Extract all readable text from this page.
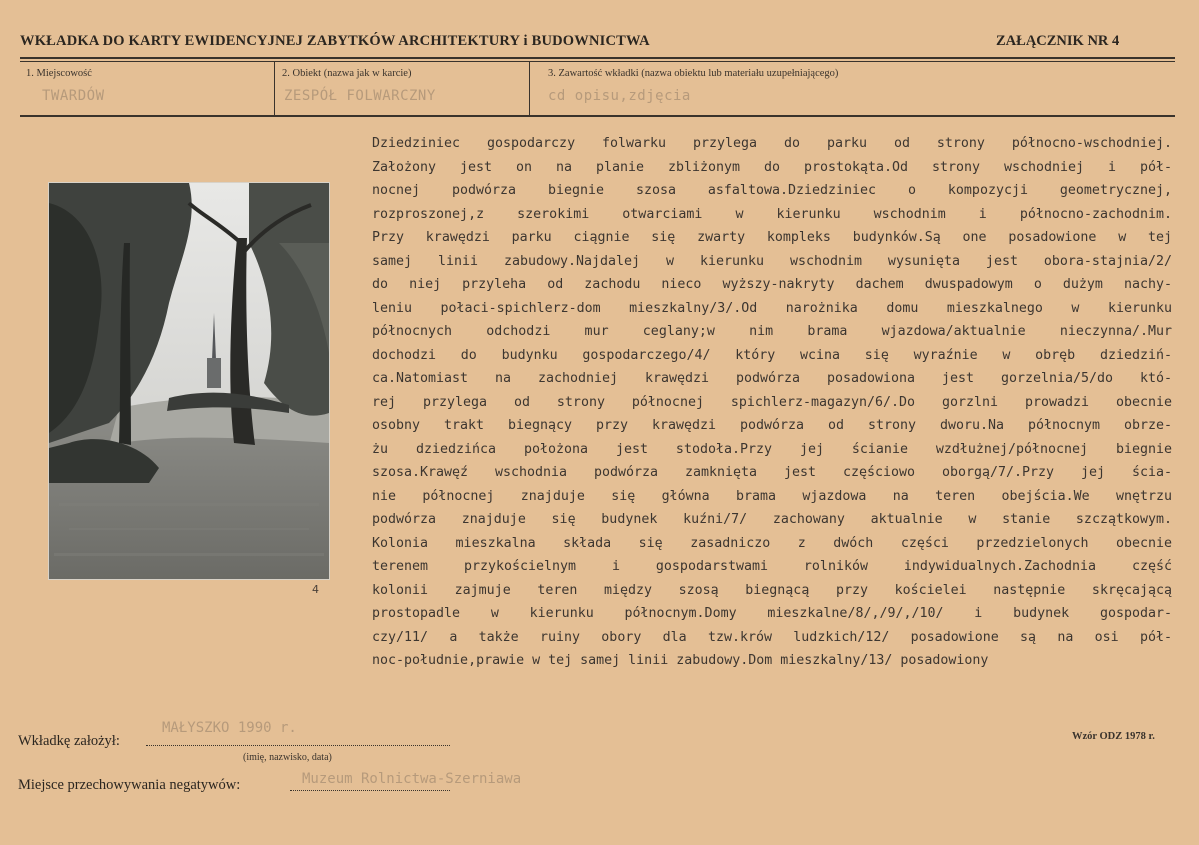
WKŁADKA DO KARTY EWIDENCYJNEJ ZABYTKÓW ARCHITEKTURY i BUDOWNICTWA	ZAŁĄCZNIK NR 4
1. Miejscowość
TWARDÓW
2. Obiekt (nazwa jak w karcie)
ZESPÓŁ FOLWARCZNY
3. Zawartość wkładki (nazwa obiektu lub materiału uzupełniającego)
cd opisu,zdjęcia
4
Dziedziniec gospodarczy folwarku przylega do parku od strony północno-wschodniej.
Założony jest on na planie zbliżonym do prostokąta.Od strony wschodniej i pół-
nocnej podwórza biegnie szosa asfaltowa.Dziedziniec o kompozycji geometrycznej,
rozproszonej,z szerokimi otwarciami w kierunku wschodnim i północno-zachodnim.
Przy krawędzi parku ciągnie się zwarty kompleks budynków.Są one posadowione w tej
samej linii zabudowy.Najdalej w kierunku wschodnim wysunięta jest obora-stajnia/2/
do niej przyleha od zachodu nieco wyższy-nakryty dachem dwuspadowym o dużym nachy-
leniu połaci-spichlerz-dom mieszkalny/3/.Od narożnika domu mieszkalnego w kierunku
północnych odchodzi mur ceglany;w nim brama wjazdowa/aktualnie nieczynna/.Mur
dochodzi do budynku gospodarczego/4/ który wcina się wyraźnie w obręb dziedziń-
ca.Natomiast na zachodniej krawędzi podwórza posadowiona jest gorzelnia/5/do któ-
rej przylega od strony północnej spichlerz-magazyn/6/.Do gorzlni prowadzi obecnie
osobny trakt biegnący przy krawędzi podwórza od strony dworu.Na północnym obrze-
żu dziedzińca położona jest stodoła.Przy jej ścianie wzdłużnej/północnej biegnie
szosa.Krawęź wschodnia podwórza zamknięta jest częściowo oborgą/7/.Przy jej ścia-
nie północnej znajduje się główna brama wjazdowa na teren obejścia.We wnętrzu
podwórza znajduje się budynek kuźni/7/ zachowany aktualnie w stanie szczątkowym.
Kolonia mieszkalna składa się zasadniczo z dwóch części przedzielonych obecnie
terenem przykościelnym i gospodarstwami rolników indywidualnych.Zachodnia część
kolonii zajmuje teren między szosą biegnącą przy kościelei następnie skręcającą
prostopadle w kierunku północnym.Domy mieszkalne/8/,/9/,/10/ i budynek gospodar-
czy/11/ a także ruiny obory dla tzw.krów ludzkich/12/ posadowione są na osi pół-
noc-południe,prawie w tej samej linii zabudowy.Dom mieszkalny/13/ posadowiony
Wkładkę założył:
MAŁYSZKO 1990 r.
(imię, nazwisko, data)
Wzór ODZ 1978 r.
Miejsce przechowywania negatywów:	Muzeum Rolnictwa-Szerniawa
